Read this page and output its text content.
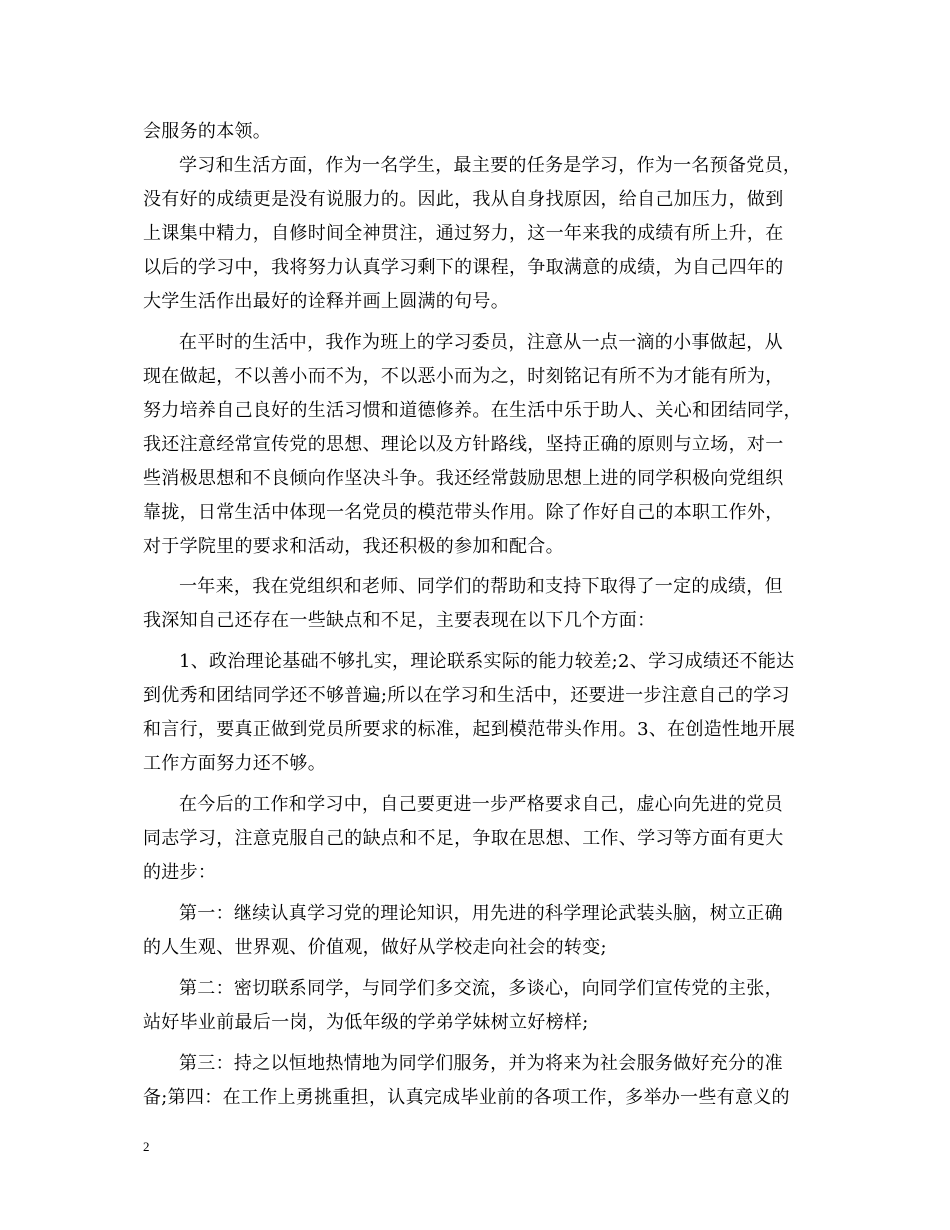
会服务的本领。
学习和生活方面，作为一名学生，最主要的任务是学习，作为一名预备党员，
没有好的成绩更是没有说服力的。因此，我从自身找原因，给自己加压力，做到
上课集中精力，自修时间全神贯注，通过努力，这一年来我的成绩有所上升，在
以后的学习中，我将努力认真学习剩下的课程，争取满意的成绩，为自己四年的
大学生活作出最好的诠释并画上圆满的句号。
在平时的生活中，我作为班上的学习委员，注意从一点一滴的小事做起，从
现在做起，不以善小而不为，不以恶小而为之，时刻铭记有所不为才能有所为，
努力培养自己良好的生活习惯和道德修养。在生活中乐于助人、关心和团结同学，
我还注意经常宣传党的思想、理论以及方针路线，坚持正确的原则与立场，对一
些消极思想和不良倾向作坚决斗争。我还经常鼓励思想上进的同学积极向党组织
靠拢，日常生活中体现一名党员的模范带头作用。除了作好自己的本职工作外，
对于学院里的要求和活动，我还积极的参加和配合。
一年来，我在党组织和老师、同学们的帮助和支持下取得了一定的成绩，但
我深知自己还存在一些缺点和不足，主要表现在以下几个方面：
1、政治理论基础不够扎实，理论联系实际的能力较差;2、学习成绩还不能达
到优秀和团结同学还不够普遍;所以在学习和生活中，还要进一步注意自己的学习
和言行，要真正做到党员所要求的标准，起到模范带头作用。3、在创造性地开展
工作方面努力还不够。
在今后的工作和学习中，自己要更进一步严格要求自己，虚心向先进的党员
同志学习，注意克服自己的缺点和不足，争取在思想、工作、学习等方面有更大
的进步：
第一：继续认真学习党的理论知识，用先进的科学理论武装头脑，树立正确
的人生观、世界观、价值观，做好从学校走向社会的转变;
第二：密切联系同学，与同学们多交流，多谈心，向同学们宣传党的主张，
站好毕业前最后一岗，为低年级的学弟学妹树立好榜样;
第三：持之以恒地热情地为同学们服务，并为将来为社会服务做好充分的准
备;第四：在工作上勇挑重担，认真完成毕业前的各项工作，多举办一些有意义的
2
